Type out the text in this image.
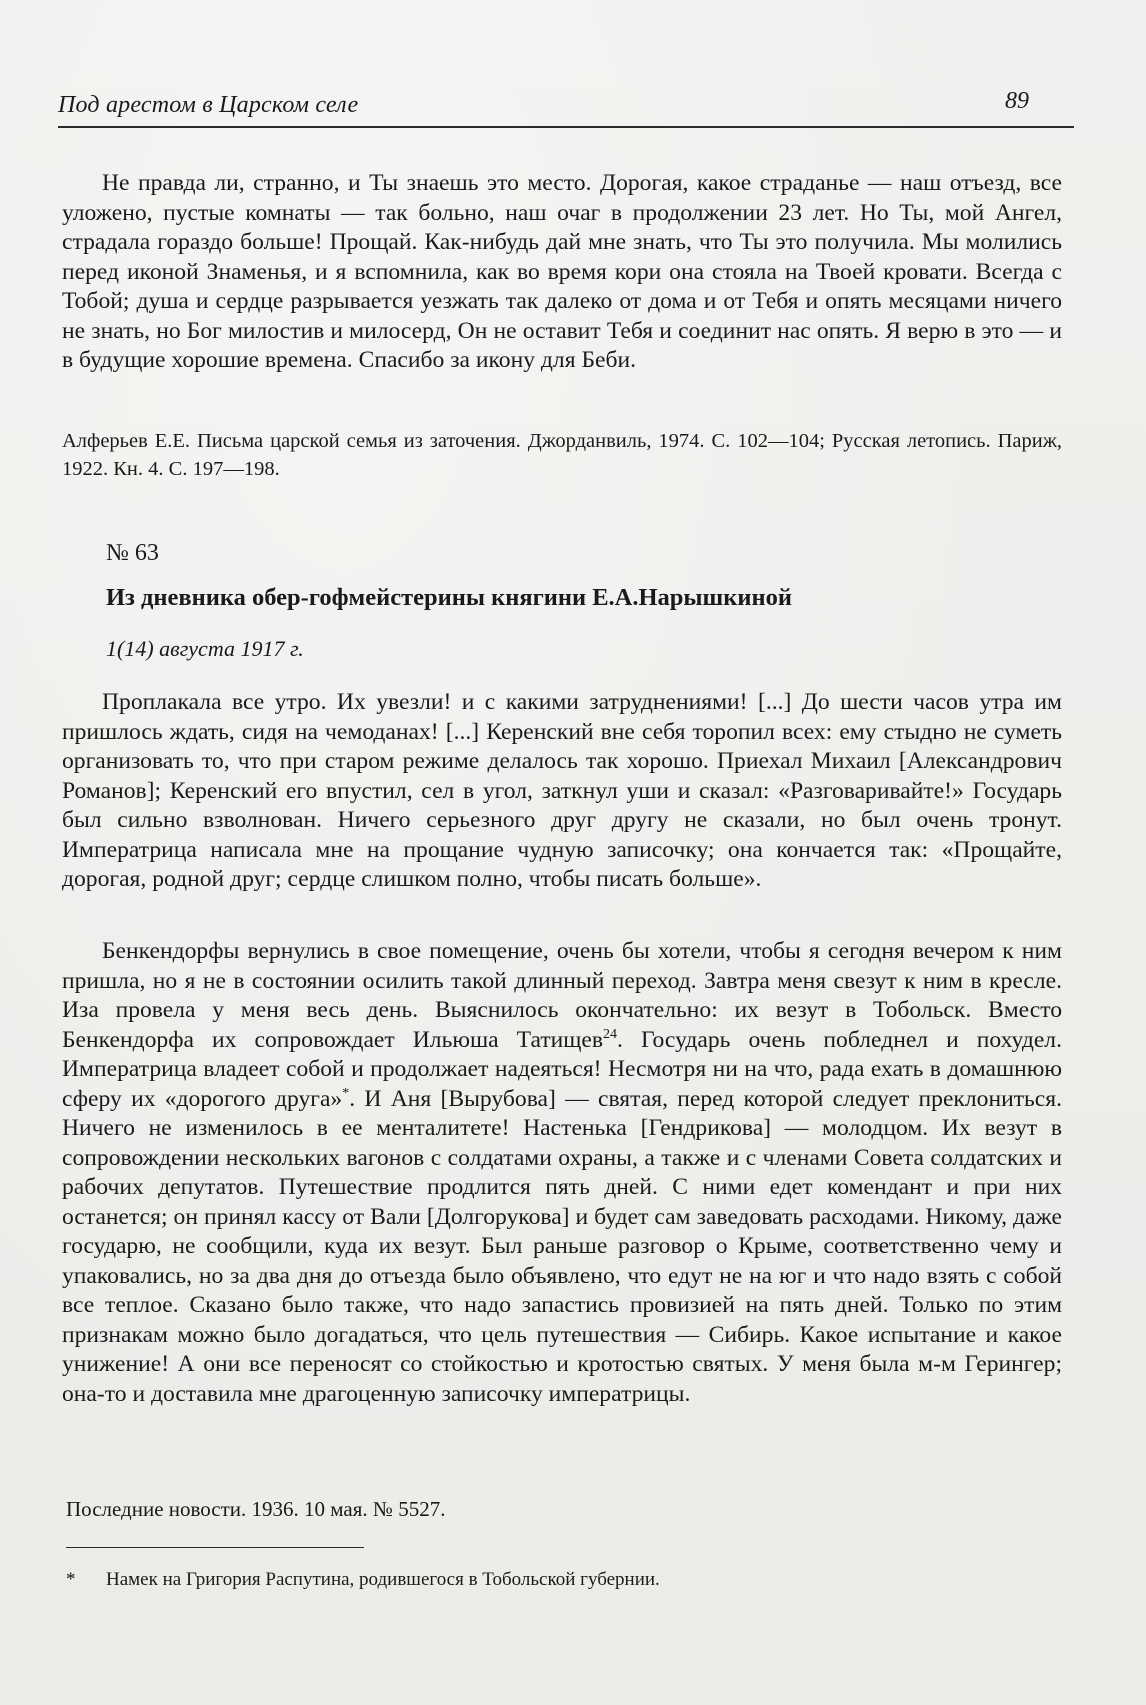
Под арестом в Царском селе	89

Не правда ли, странно, и Ты знаешь это место. Дорогая, какое страданье — наш отъезд, все уложено, пустые комнаты — так больно, наш очаг в продолжении 23 лет. Но Ты, мой Ангел, страдала гораздо больше! Прощай. Как-нибудь дай мне знать, что Ты это получила. Мы молились перед иконой Знаменья, и я вспомнила, как во время кори она стояла на Твоей кровати. Всегда с Тобой; душа и сердце разрывается уезжать так далеко от дома и от Тебя и опять месяцами ничего не знать, но Бог милостив и милосерд, Он не оставит Тебя и соединит нас опять. Я верю в это — и в будущие хорошие времена. Спасибо за икону для Беби.

Алферьев Е.Е. Письма царской семья из заточения. Джорданвиль, 1974. С. 102—104; Русская летопись. Париж, 1922. Кн. 4. С. 197—198.
№ 63
Из дневника обер-гофмейстерины княгини Е.А.Нарышкиной
1(14) августа 1917 г.

Проплакала все утро. Их увезли! и с какими затруднениями! [...] До шести часов утра им пришлось ждать, сидя на чемоданах! [...] Керенский вне себя торопил всех: ему стыдно не суметь организовать то, что при старом режиме делалось так хорошо. Приехал Михаил [Александрович Романов]; Керенский его впустил, сел в угол, заткнул уши и сказал: «Разговаривайте!» Государь был сильно взволнован. Ничего серьезного друг другу не сказали, но был очень тронут. Императрица написала мне на прощание чудную записочку; она кончается так: «Прощайте, дорогая, родной друг; сердце слишком полно, чтобы писать больше».

Бенкендорфы вернулись в свое помещение, очень бы хотели, чтобы я сегодня вечером к ним пришла, но я не в состоянии осилить такой длинный переход. Завтра меня свезут к ним в кресле. Иза провела у меня весь день. Выяснилось окончательно: их везут в Тобольск. Вместо Бенкендорфа их сопровождает Ильюша Татищев$^{24}$. Государь очень побледнел и похудел. Императрица владеет собой и продолжает надеяться! Несмотря ни на что, рада ехать в домашнюю сферу их «дорогого друга»*. И Аня [Вырубова] — святая, перед которой следует преклониться. Ничего не изменилось в ее менталитете! Настенька [Гендрикова] — молодцом. Их везут в сопровождении нескольких вагонов с солдатами охраны, а также и с членами Совета солдатских и рабочих депутатов. Путешествие продлится пять дней. С ними едет комендант и при них останется; он принял кассу от Вали [Долгорукова] и будет сам заведовать расходами. Никому, даже государю, не сообщили, куда их везут. Был раньше разговор о Крыме, соответственно чему и упаковались, но за два дня до отъезда было объявлено, что едут не на юг и что надо взять с собой все теплое. Сказано было также, что надо запастись провизией на пять дней. Только по этим признакам можно было догадаться, что цель путешествия — Сибирь. Какое испытание и какое унижение! А они все переносят со стойкостью и кротостью святых. У меня была м-м Герингер; она-то и доставила мне драгоценную записочку императрицы.

Последние новости. 1936. 10 мая. № 5527.
* Намек на Григория Распутина, родившегося в Тобольской губернии.
